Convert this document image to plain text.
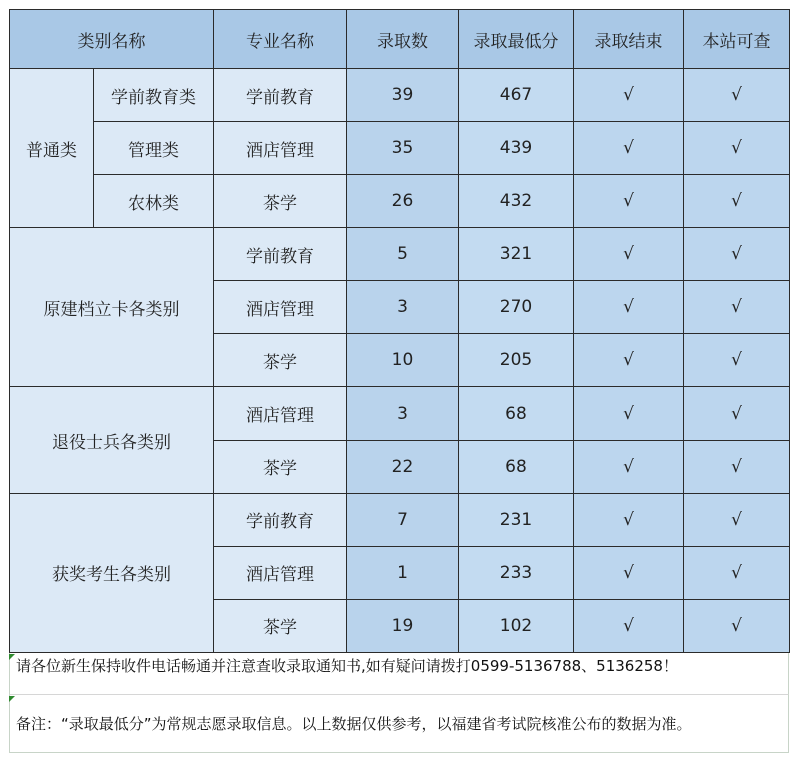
类别名称		专业名称	录取数	录取最低分	录取结束	本站可查
普通类	学前教育类	学前教育	39	467	√	√
	管理类	酒店管理	35	439	√	√
	农林类	茶学	26	432	√	√
原建档立卡各类别		学前教育	5	321	√	√
		酒店管理	3	270	√	√
		茶学	10	205	√	√
退役士兵各类别		酒店管理	3	68	√	√
		茶学	22	68	√	√
获奖考生各类别		学前教育	7	231	√	√
		酒店管理	1	233	√	√
		茶学	19	102	√	√
请各位新生保持收件电话畅通并注意查收录取通知书,如有疑问请拨打0599-5136788、5136258！
备注：“录取最低分”为常规志愿录取信息。以上数据仅供参考，以福建省考试院核准公布的数据为准。
